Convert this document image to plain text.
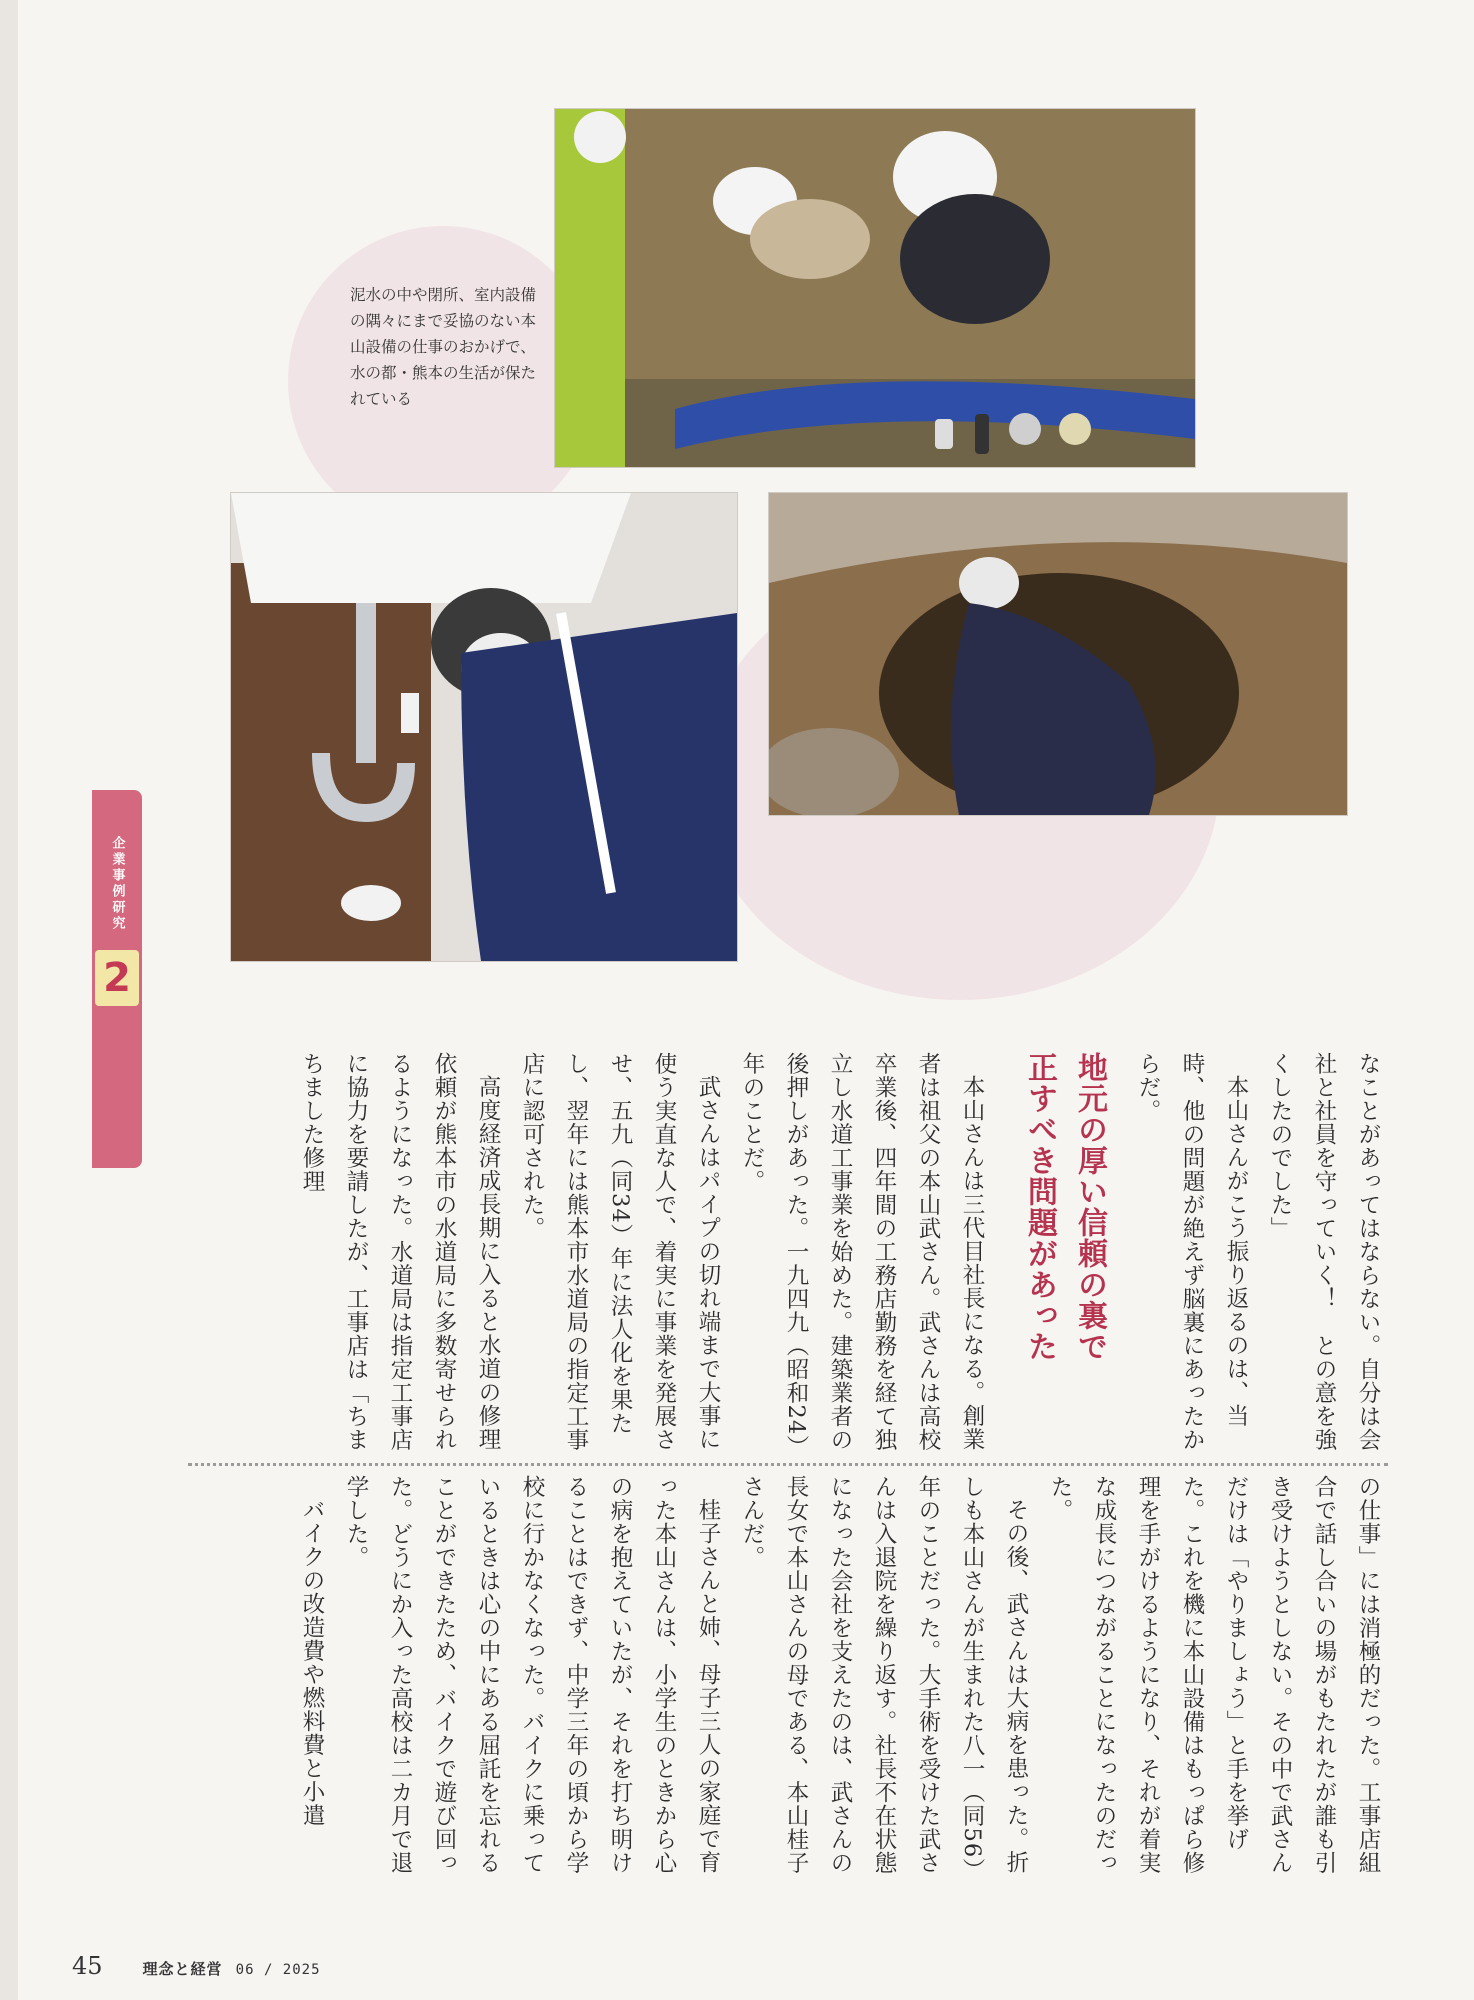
泥水の中や閉所、室内設備の隅々にまで妥協のない本山設備の仕事のおかげで、水の都・熊本の生活が保たれている

企業事例研究

2

なことがあってはならない。自分は会社と社員を守っていく！　との意を強くしたのでした」

本山さんがこう振り返るのは、当時、他の問題が絶えず脳裏にあったからだ。

地元の厚い信頼の裏で
正すべき問題があった

本山さんは三代目社長になる。創業者は祖父の本山武さん。武さんは高校卒業後、四年間の工務店勤務を経て独立し水道工事業を始めた。建築業者の後押しがあった。一九四九（昭和24）年のことだ。

武さんはパイプの切れ端まで大事に使う実直な人で、着実に事業を発展させ、五九（同34）年に法人化を果たし、翌年には熊本市水道局の指定工事店に認可された。

高度経済成長期に入ると水道の修理依頼が熊本市の水道局に多数寄せられるようになった。水道局は指定工事店に協力を要請したが、工事店は「ちまちました修理

の仕事」には消極的だった。工事店組合で話し合いの場がもたれたが誰も引き受けようとしない。その中で武さんだけは「やりましょう」と手を挙げた。これを機に本山設備はもっぱら修理を手がけるようになり、それが着実な成長につながることになったのだった。

その後、武さんは大病を患った。折しも本山さんが生まれた八一（同56）年のことだった。大手術を受けた武さんは入退院を繰り返す。社長不在状態になった会社を支えたのは、武さんの長女で本山さんの母である、本山桂子さんだ。

桂子さんと姉、母子三人の家庭で育った本山さんは、小学生のときから心の病を抱えていたが、それを打ち明けることはできず、中学三年の頃から学校に行かなくなった。バイクに乗っているときは心の中にある屈託を忘れることができたため、バイクで遊び回った。どうにか入った高校は二カ月で退学した。

バイクの改造費や燃料費と小遣

45	理念と経営 06 / 2025
